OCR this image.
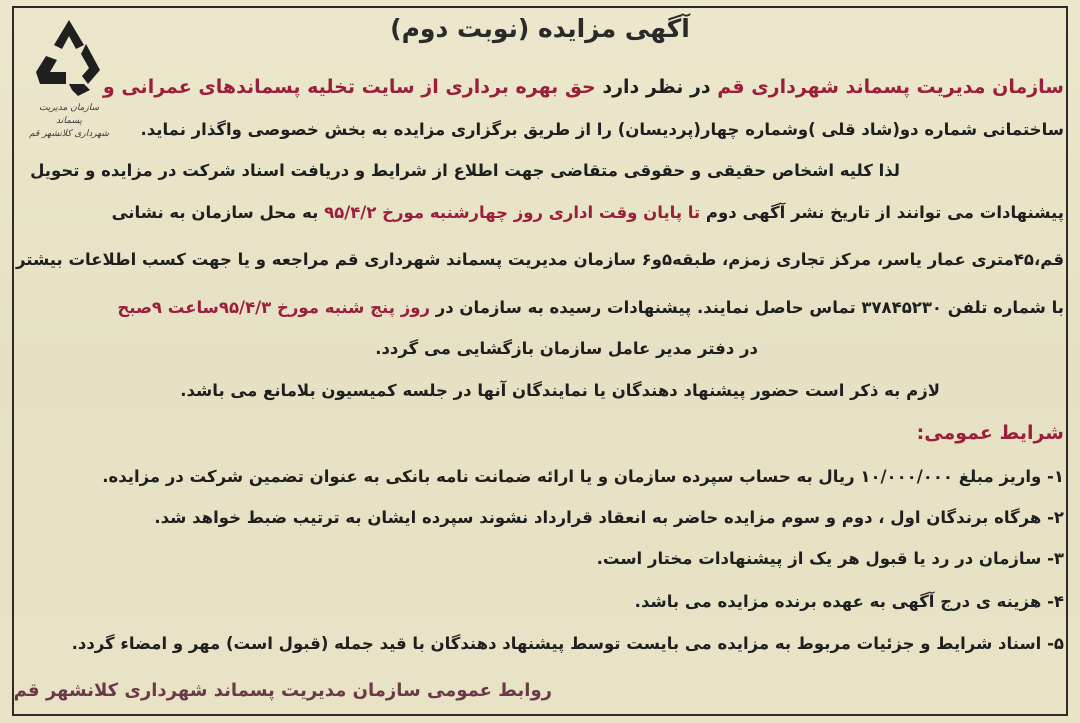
سازمان مدیریت پسماند
شهرداری کلانشهر قم
آگهی مزایده (نوبت دوم)
سازمان مدیریت پسماند شهرداری قم در نظر دارد حق بهره برداری از سایت تخلیه پسماندهای عمرانی و
ساختمانی شماره دو(شاد قلی )وشماره چهار(پردیسان) را از طریق برگزاری مزایده به بخش خصوصی واگذار نماید.
لذا کلیه اشخاص حقیقی و حقوقی متقاضی جهت اطلاع از شرایط و دریافت اسناد شرکت در مزایده و تحویل
پیشنهادات می توانند از تاریخ نشر آگهی دوم تا پایان وقت اداری روز چهارشنبه مورخ ۹۵/۴/۲ به محل سازمان به نشانی
قم،۴۵متری عمار یاسر، مرکز تجاری زمزم، طبقه۵و۶ سازمان مدیریت پسماند شهرداری قم مراجعه و یا جهت کسب اطلاعات بیشتر
با شماره تلفن ۳۷۸۴۵۲۳۰ تماس حاصل نمایند. پیشنهادات رسیده به سازمان در روز پنج شنبه مورخ ۹۵/۴/۳ساعت ۹صبح
در دفتر مدیر عامل سازمان بازگشایی می گردد.
لازم به ذکر است حضور پیشنهاد دهندگان یا نمایندگان آنها در جلسه کمیسیون بلامانع می باشد.
شرایط عمومی:
۱- واریز مبلغ ۱۰/۰۰۰/۰۰۰ ریال به حساب سپرده سازمان و یا ارائه ضمانت نامه بانکی به عنوان تضمین شرکت در مزایده.
۲- هرگاه برندگان اول ، دوم و سوم مزایده حاضر به انعقاد قرارداد نشوند سپرده ایشان به ترتیب ضبط خواهد شد.
۳- سازمان در رد یا قبول هر یک از پیشنهادات مختار است.
۴- هزینه ی درج آگهی به عهده برنده مزایده می باشد.
۵- اسناد شرایط و جزئیات مربوط به مزایده می بایست توسط پیشنهاد دهندگان با قید جمله (قبول است) مهر و امضاء گردد.
روابط عمومی سازمان مدیریت پسماند شهرداری کلانشهر قم
